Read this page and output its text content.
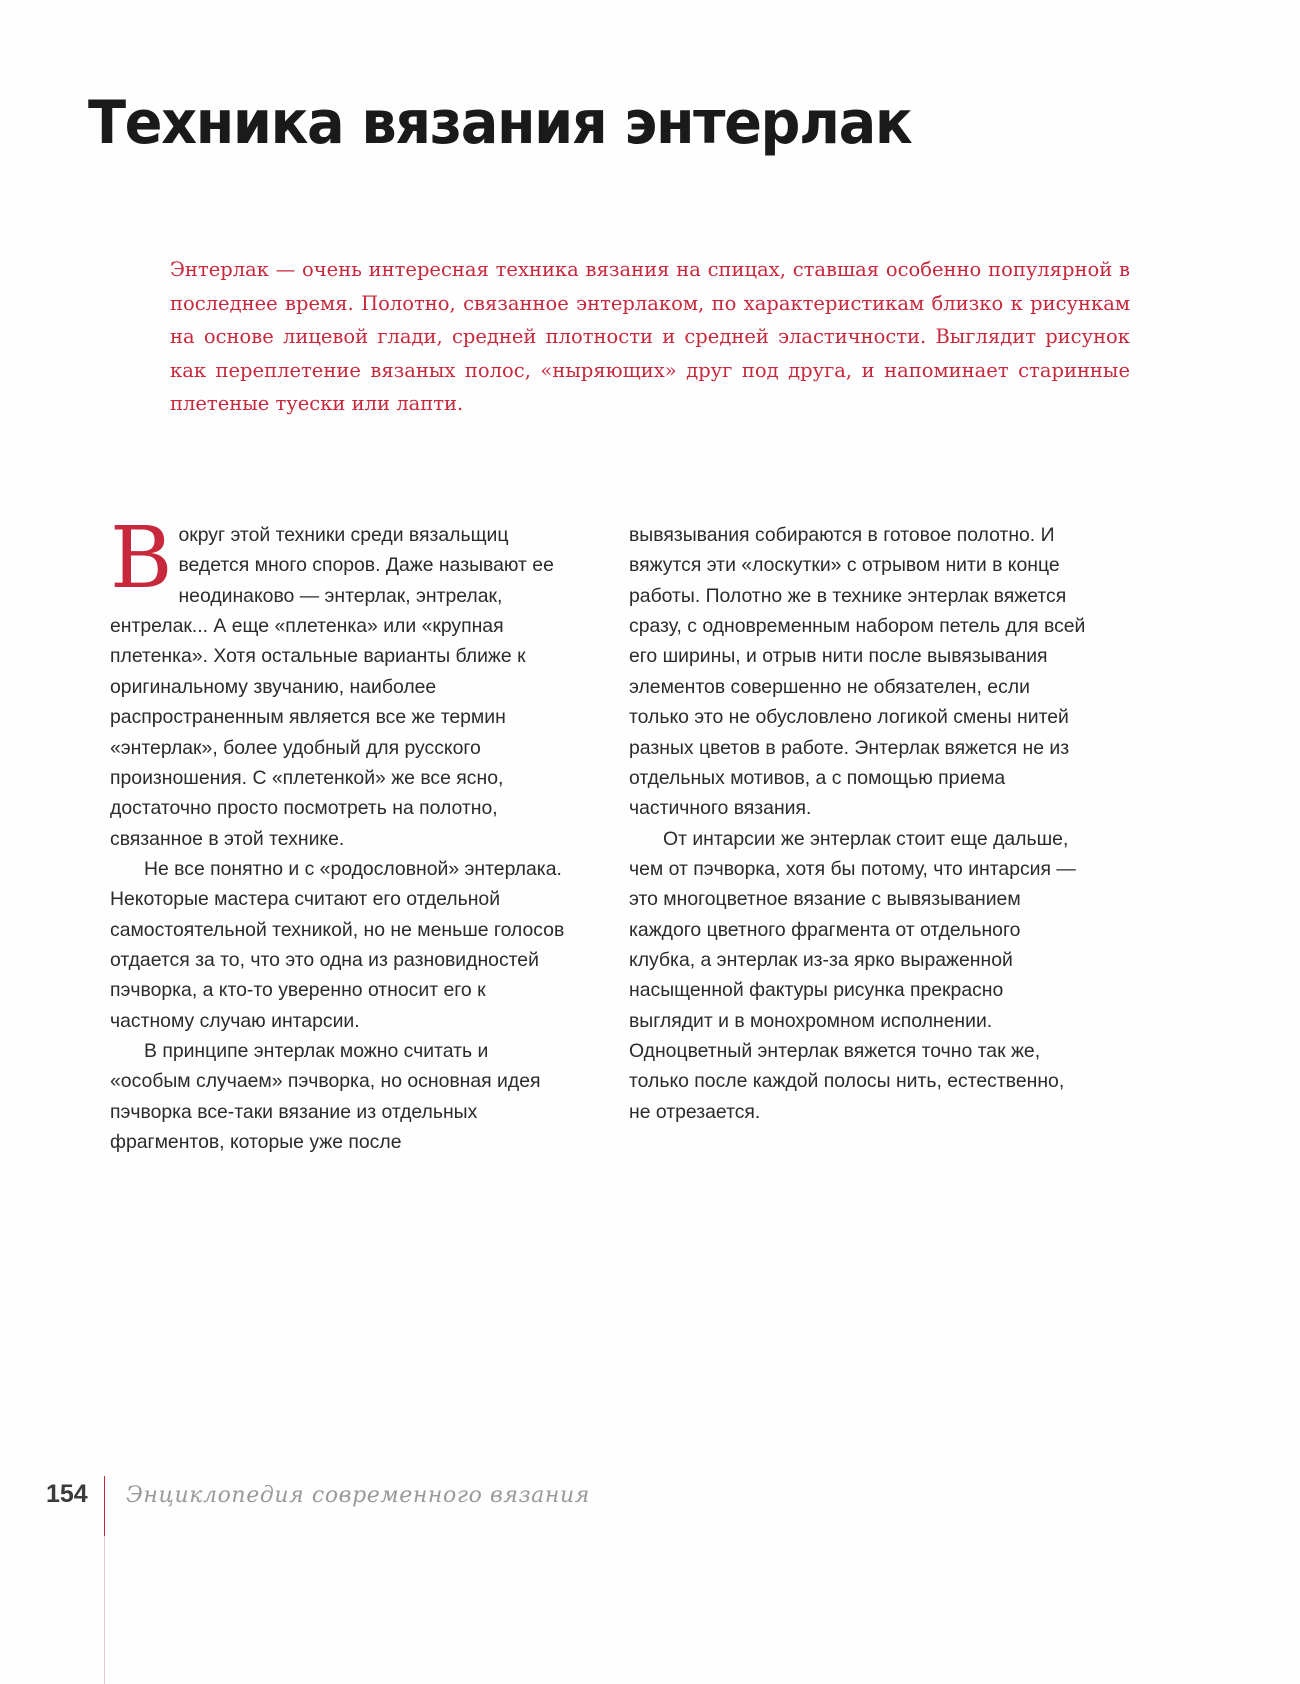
Техника вязания энтерлак
Энтерлак — очень интересная техника вязания на спицах, ставшая особенно популярной в последнее время. Полотно, связанное энтерлаком, по характеристикам близко к рисункам на основе лицевой глади, средней плотности и средней эластичности. Выглядит рисунок как переплетение вязаных полос, «ныряющих» друг под друга, и напоминает старинные плетеные туески или лапти.

Вокруг этой техники среди вязальщиц ведется много споров. Даже называют ее неодинаково — энтерлак, энтрелак, ентрелак... А еще «плетенка» или «крупная плетенка». Хотя остальные варианты ближе к оригинальному звучанию, наиболее распространенным является все же термин «энтерлак», более удобный для русского произношения. С «плетенкой» же все ясно, достаточно просто посмотреть на полотно, связанное в этой технике.

Не все понятно и с «родословной» энтерлака. Некоторые мастера считают его отдельной самостоятельной техникой, но не меньше голосов отдается за то, что это одна из разновидностей пэчворка, а кто-то уверенно относит его к частному случаю интарсии.

В принципе энтерлак можно считать и «особым случаем» пэчворка, но основная идея пэчворка все-таки вязание из отдельных фрагментов, которые уже после

вывязывания собираются в готовое полотно. И вяжутся эти «лоскутки» с отрывом нити в конце работы. Полотно же в технике энтерлак вяжется сразу, с одновременным набором петель для всей его ширины, и отрыв нити после вывязывания элементов совершенно не обязателен, если только это не обусловлено логикой смены нитей разных цветов в работе. Энтерлак вяжется не из отдельных мотивов, а с помощью приема частичного вязания.

От интарсии же энтерлак стоит еще дальше, чем от пэчворка, хотя бы потому, что интарсия — это многоцветное вязание с вывязыванием каждого цветного фрагмента от отдельного клубка, а энтерлак из-за ярко выраженной насыщенной фактуры рисунка прекрасно выглядит и в монохромном исполнении. Одноцветный энтерлак вяжется точно так же, только после каждой полосы нить, естественно, не отрезается.

154 Энциклопедия современного вязания
